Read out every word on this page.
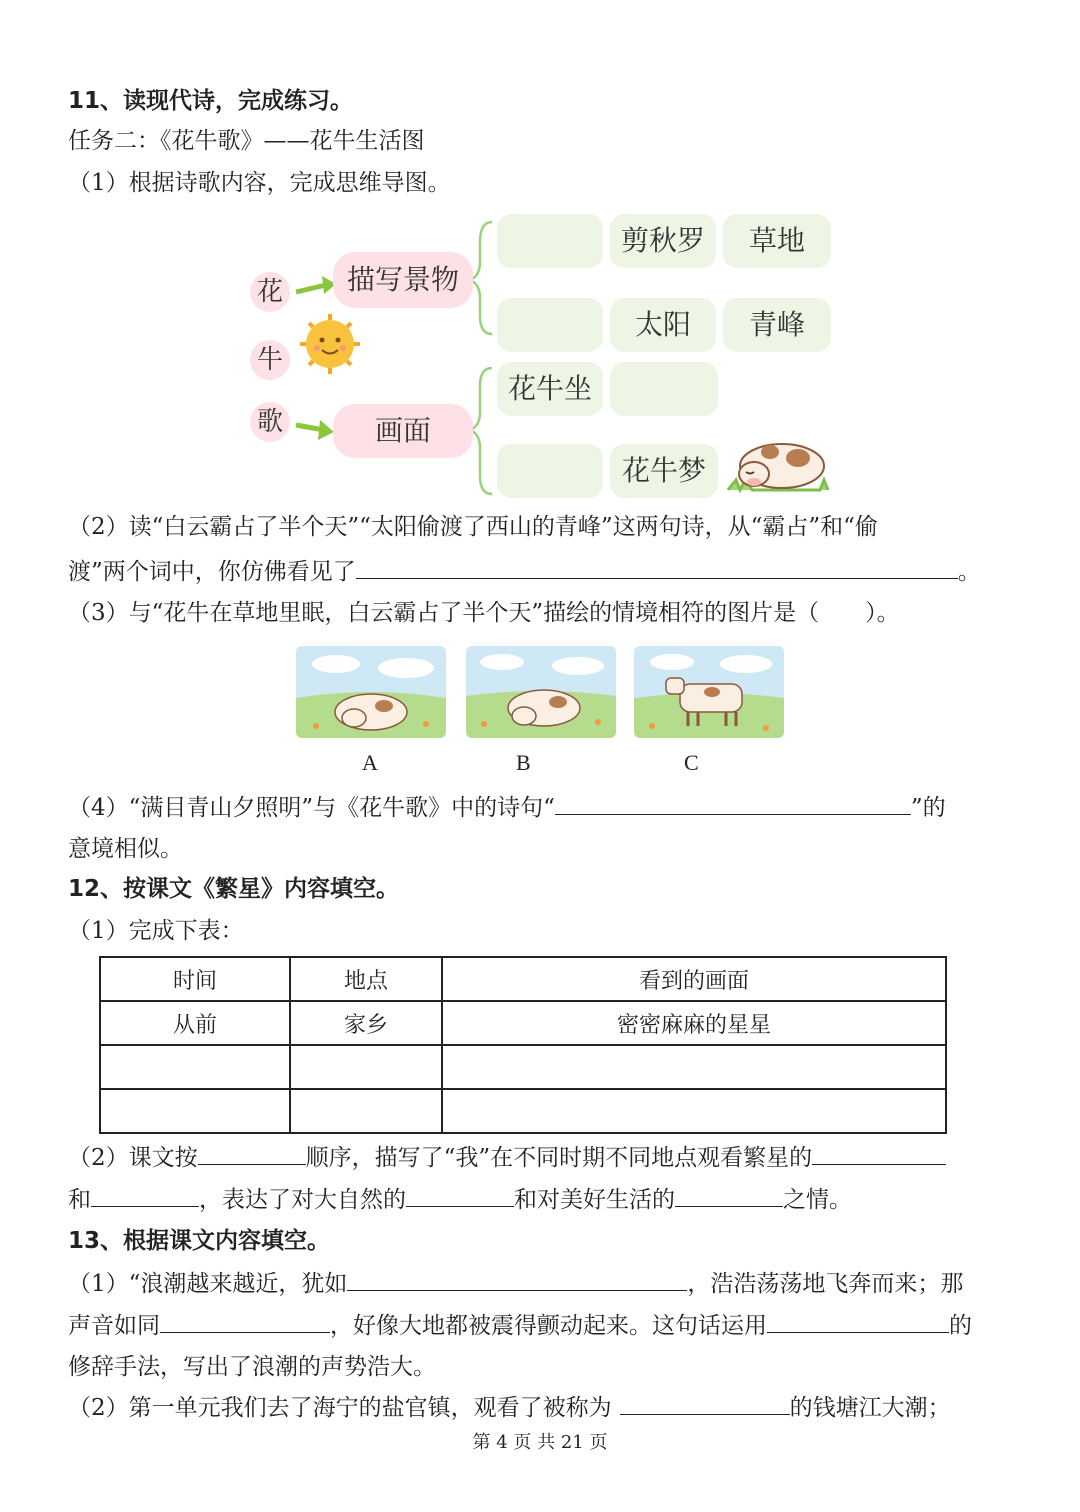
11、读现代诗，完成练习。
任务二：《花牛歌》——花牛生活图
（1）根据诗歌内容，完成思维导图。
花
牛
歌
描写景物
画面
剪秋罗	草地
太阳	青峰
花牛坐
花牛梦
（2）读“白云霸占了半个天”“太阳偷渡了西山的青峰”这两句诗，从“霸占”和“偷
渡”两个词中，你仿佛看见了	。
（3）与“花牛在草地里眠，白云霸占了半个天”描绘的情境相符的图片是（　　）。
A	B	C
（4）“满目青山夕照明”与《花牛歌》中的诗句“	”的
意境相似。
12、按课文《繁星》内容填空。
（1）完成下表：
时间	地点	看到的画面
从前	家乡	密密麻麻的星星

（2）课文按	顺序，描写了“我”在不同时期不同地点观看繁星的
和	，表达了对大自然的	和对美好生活的	之情。
13、根据课文内容填空。
（1）“浪潮越来越近，犹如	，浩浩荡荡地飞奔而来；那
声音如同	，好像大地都被震得颤动起来。这句话运用	的
修辞手法，写出了浪潮的声势浩大。
（2）第一单元我们去了海宁的盐官镇，观看了被称为	的钱塘江大潮；
第 4 页 共 21 页
